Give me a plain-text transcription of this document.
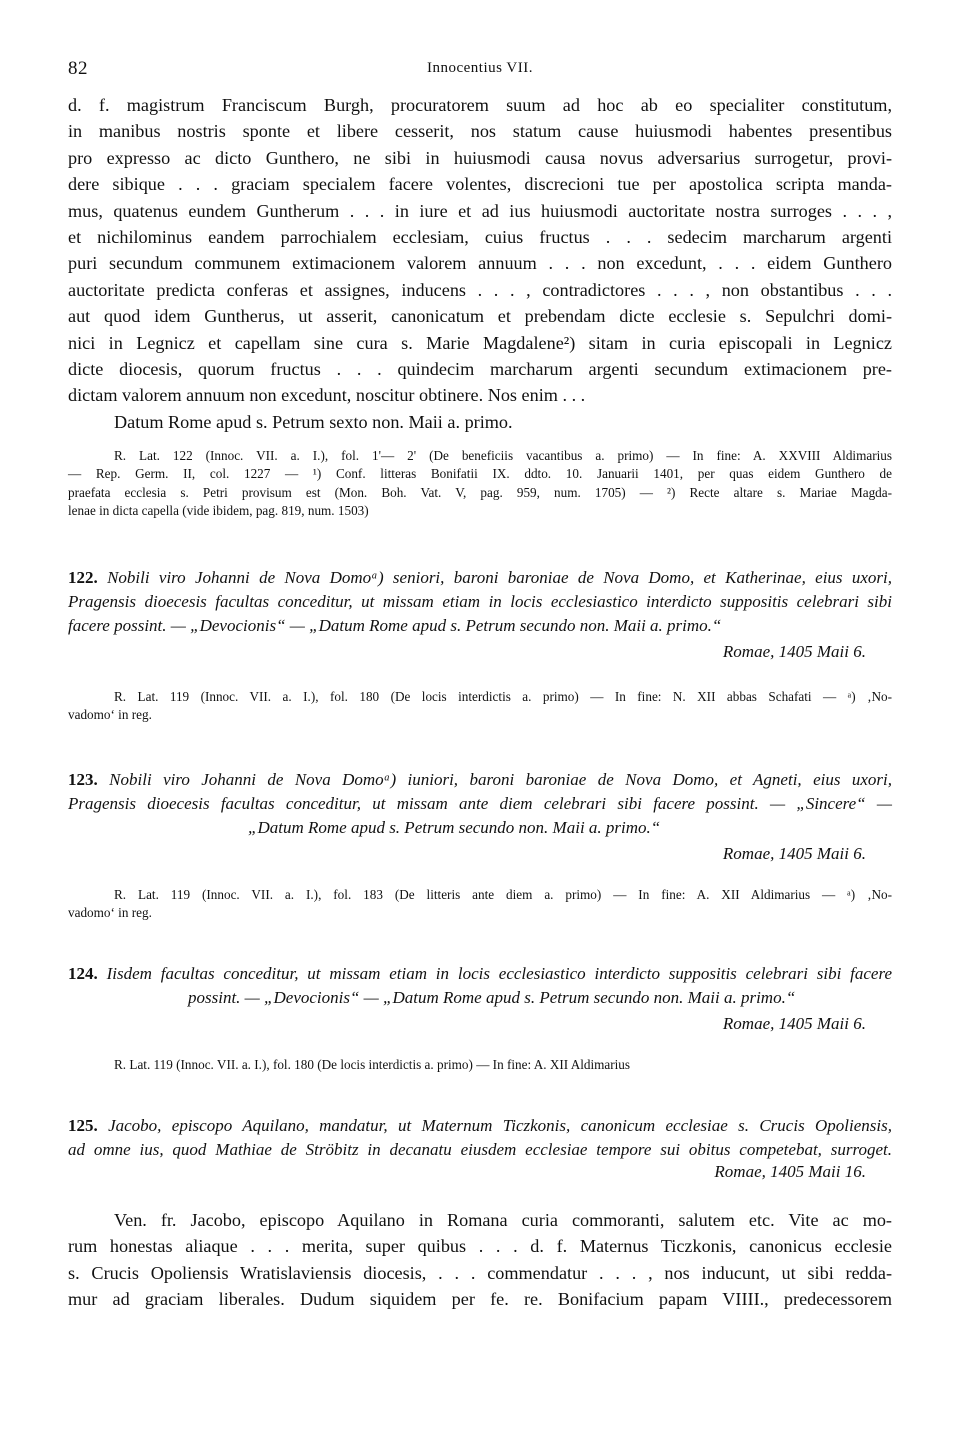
82	Innocentius VII.
d. f. magistrum Franciscum Burgh, procuratorem suum ad hoc ab eo specialiter constitutum,
in manibus nostris sponte et libere cesserit, nos statum cause huiusmodi habentes presentibus
pro expresso ac dicto Gunthero, ne sibi in huiusmodi causa novus adversarius surrogetur, provi-
dere sibique . . . graciam specialem facere volentes, discrecioni tue per apostolica scripta manda-
mus, quatenus eundem Guntherum . . . in iure et ad ius huiusmodi auctoritate nostra surroges . . . ,
et nichilominus eandem parrochialem ecclesiam, cuius fructus . . . sedecim marcharum argenti
puri secundum communem extimacionem valorem annuum . . . non excedunt, . . . eidem Gunthero
auctoritate predicta conferas et assignes, inducens . . . , contradictores . . . , non obstantibus . . .
aut quod idem Guntherus, ut asserit, canonicatum et prebendam dicte ecclesie s. Sepulchri domi-
nici in Legnicz et capellam sine cura s. Marie Magdalene²) sitam in curia episcopali in Legnicz
dicte diocesis, quorum fructus . . . quindecim marcharum argenti secundum extimacionem pre-
dictam valorem annuum non excedunt, noscitur obtinere. Nos enim . . .
Datum Rome apud s. Petrum sexto non. Maii a. primo.
R. Lat. 122 (Innoc. VII. a. I.), fol. 1'— 2' (De beneficiis vacantibus a. primo) — In fine: A. XXVIII Aldimarius
— Rep. Germ. II, col. 1227 — ¹) Conf. litteras Bonifatii IX. ddto. 10. Januarii 1401, per quas eidem Gunthero de
praefata ecclesia s. Petri provisum est (Mon. Boh. Vat. V, pag. 959, num. 1705) — ²) Recte altare s. Mariae Magda-
lenae in dicta capella (vide ibidem, pag. 819, num. 1503)
122. Nobili viro Johanni de Nova Domoᵃ) seniori, baroni baroniae de Nova Domo, et Katherinae, eius uxori,
Pragensis dioecesis facultas conceditur, ut missam etiam in locis ecclesiastico interdicto suppositis celebrari sibi
facere possint. — „Devocionis“ — „Datum Rome apud s. Petrum secundo non. Maii a. primo.“
Romae, 1405 Maii 6.
R. Lat. 119 (Innoc. VII. a. I.), fol. 180 (De locis interdictis a. primo) — In fine: N. XII abbas Schafati — ᵃ) ‚No-
vadomo‘ in reg.
123. Nobili viro Johanni de Nova Domoᵃ) iuniori, baroni baroniae de Nova Domo, et Agneti, eius uxori,
Pragensis dioecesis facultas conceditur, ut missam ante diem celebrari sibi facere possint. — „Sincere“ —
„Datum Rome apud s. Petrum secundo non. Maii a. primo.“
Romae, 1405 Maii 6.
R. Lat. 119 (Innoc. VII. a. I.), fol. 183 (De litteris ante diem a. primo) — In fine: A. XII Aldimarius — ᵃ) ‚No-
vadomo‘ in reg.
124. Iisdem facultas conceditur, ut missam etiam in locis ecclesiastico interdicto suppositis celebrari sibi facere
possint. — „Devocionis“ — „Datum Rome apud s. Petrum secundo non. Maii a. primo.“
Romae, 1405 Maii 6.
R. Lat. 119 (Innoc. VII. a. I.), fol. 180 (De locis interdictis a. primo) — In fine: A. XII Aldimarius
125. Jacobo, episcopo Aquilano, mandatur, ut Maternum Ticzkonis, canonicum ecclesiae s. Crucis Opoliensis,
ad omne ius, quod Mathiae de Ströbitz in decanatu eiusdem ecclesiae tempore sui obitus competebat, surroget.
Romae, 1405 Maii 16.
Ven. fr. Jacobo, episcopo Aquilano in Romana curia commoranti, salutem etc. Vite ac mo-
rum honestas aliaque . . . merita, super quibus . . . d. f. Maternus Ticzkonis, canonicus ecclesie
s. Crucis Opoliensis Wratislaviensis diocesis, . . . commendatur . . . , nos inducunt, ut sibi redda-
mur ad graciam liberales. Dudum siquidem per fe. re. Bonifacium papam VIIII., predecessorem
